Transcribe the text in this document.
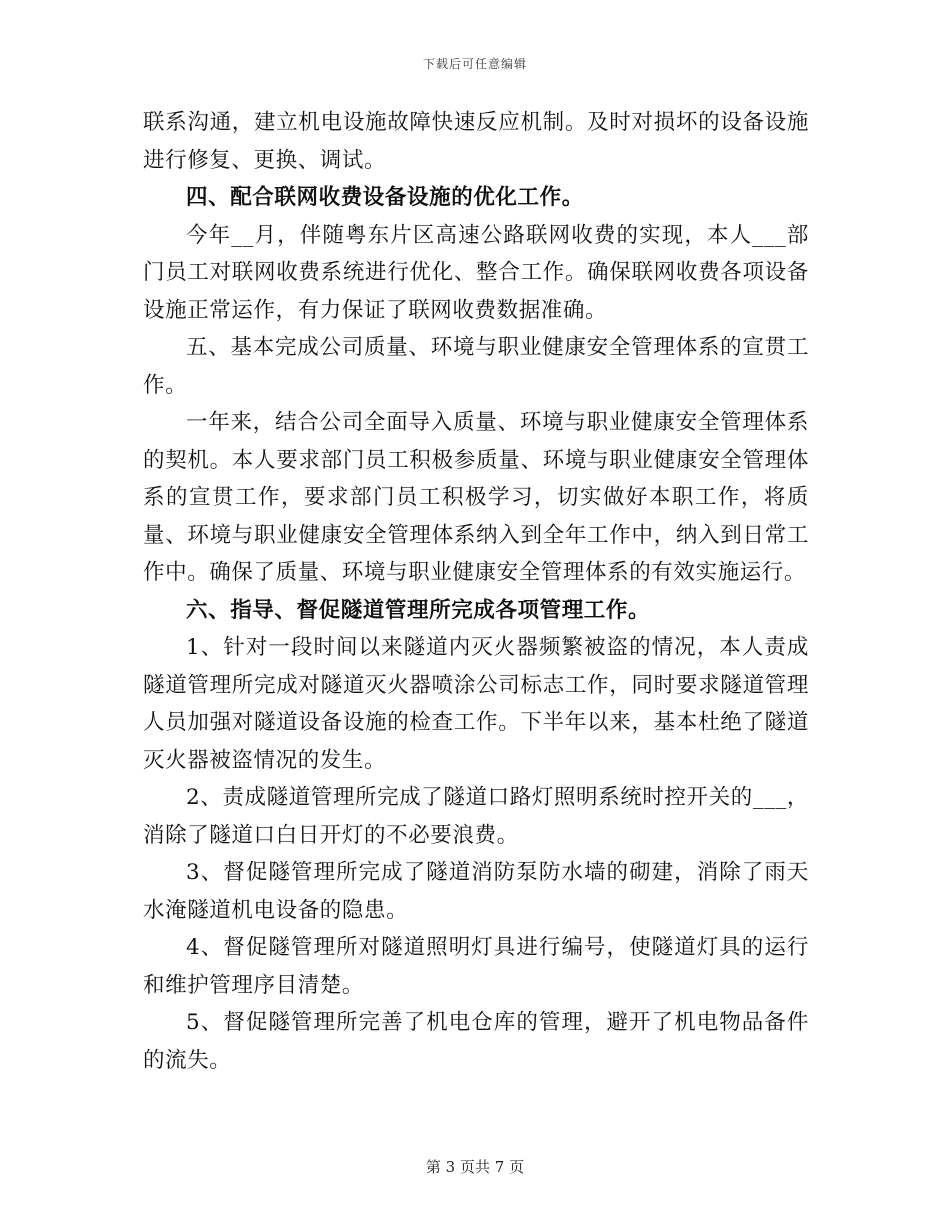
下载后可任意编辑

联系沟通，建立机电设施故障快速反应机制。及时对损坏的设备设施进行修复、更换、调试。

四、配合联网收费设备设施的优化工作。

今年__月，伴随粤东片区高速公路联网收费的实现，本人___部门员工对联网收费系统进行优化、整合工作。确保联网收费各项设备设施正常运作，有力保证了联网收费数据准确。

五、基本完成公司质量、环境与职业健康安全管理体系的宣贯工作。

一年来，结合公司全面导入质量、环境与职业健康安全管理体系的契机。本人要求部门员工积极参质量、环境与职业健康安全管理体系的宣贯工作，要求部门员工积极学习，切实做好本职工作，将质量、环境与职业健康安全管理体系纳入到全年工作中，纳入到日常工作中。确保了质量、环境与职业健康安全管理体系的有效实施运行。

六、指导、督促隧道管理所完成各项管理工作。

1、针对一段时间以来隧道内灭火器频繁被盗的情况，本人责成隧道管理所完成对隧道灭火器喷涂公司标志工作，同时要求隧道管理人员加强对隧道设备设施的检查工作。下半年以来，基本杜绝了隧道灭火器被盗情况的发生。

2、责成隧道管理所完成了隧道口路灯照明系统时控开关的___，消除了隧道口白日开灯的不必要浪费。

3、督促隧管理所完成了隧道消防泵防水墙的砌建，消除了雨天水淹隧道机电设备的隐患。

4、督促隧管理所对隧道照明灯具进行编号，使隧道灯具的运行和维护管理序目清楚。

5、督促隧管理所完善了机电仓库的管理，避开了机电物品备件的流失。

第 3 页共 7 页
